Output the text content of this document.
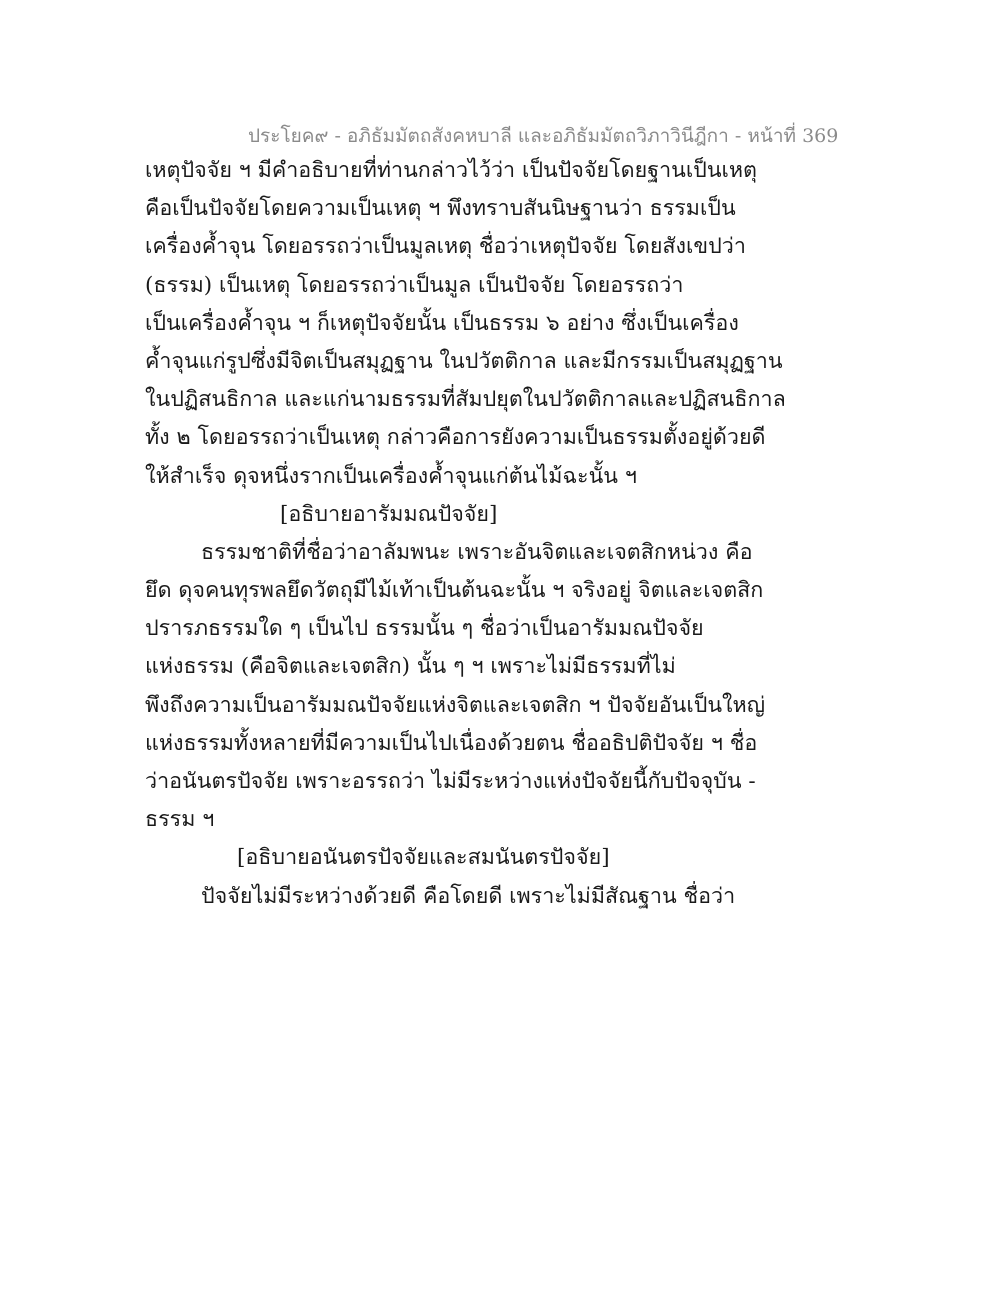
ประโยค๙ - อภิธัมมัตถสังคหบาลี และอภิธัมมัตถวิภาวินีฎีกา - หน้าที่ 369
เหตุปัจจัย ฯ มีคำอธิบายที่ท่านกล่าวไว้ว่า เป็นปัจจัยโดยฐานเป็นเหตุ
คือเป็นปัจจัยโดยความเป็นเหตุ ฯ พึงทราบสันนิษฐานว่า ธรรมเป็น
เครื่องค้ำจุน โดยอรรถว่าเป็นมูลเหตุ ชื่อว่าเหตุปัจจัย โดยสังเขปว่า
(ธรรม) เป็นเหตุ โดยอรรถว่าเป็นมูล เป็นปัจจัย โดยอรรถว่า
เป็นเครื่องค้ำจุน ฯ ก็เหตุปัจจัยนั้น เป็นธรรม ๖ อย่าง ซึ่งเป็นเครื่อง
ค้ำจุนแก่รูปซึ่งมีจิตเป็นสมุฏฐาน ในปวัตติกาล และมีกรรมเป็นสมุฏฐาน
ในปฏิสนธิกาล และแก่นามธรรมที่สัมปยุตในปวัตติกาลและปฏิสนธิกาล
ทั้ง ๒ โดยอรรถว่าเป็นเหตุ กล่าวคือการยังความเป็นธรรมตั้งอยู่ด้วยดี
ให้สำเร็จ ดุจหนึ่งรากเป็นเครื่องค้ำจุนแก่ต้นไม้ฉะนั้น ฯ
[อธิบายอารัมมณปัจจัย]
ธรรมชาติที่ชื่อว่าอาลัมพนะ เพราะอันจิตและเจตสิกหน่วง คือ
ยึด ดุจคนทุรพลยึดวัตถุมีไม้เท้าเป็นต้นฉะนั้น ฯ จริงอยู่ จิตและเจตสิก
ปรารภธรรมใด ๆ เป็นไป ธรรมนั้น ๆ ชื่อว่าเป็นอารัมมณปัจจัย
แห่งธรรม (คือจิตและเจตสิก) นั้น ๆ ฯ เพราะไม่มีธรรมที่ไม่
พึงถึงความเป็นอารัมมณปัจจัยแห่งจิตและเจตสิก ฯ ปัจจัยอันเป็นใหญ่
แห่งธรรมทั้งหลายที่มีความเป็นไปเนื่องด้วยตน ชื่ออธิปติปัจจัย ฯ ชื่อ
ว่าอนันตรปัจจัย เพราะอรรถว่า ไม่มีระหว่างแห่งปัจจัยนี้กับปัจจุบัน -
ธรรม ฯ
[อธิบายอนันตรปัจจัยและสมนันตรปัจจัย]
ปัจจัยไม่มีระหว่างด้วยดี คือโดยดี เพราะไม่มีสัณฐาน ชื่อว่า
